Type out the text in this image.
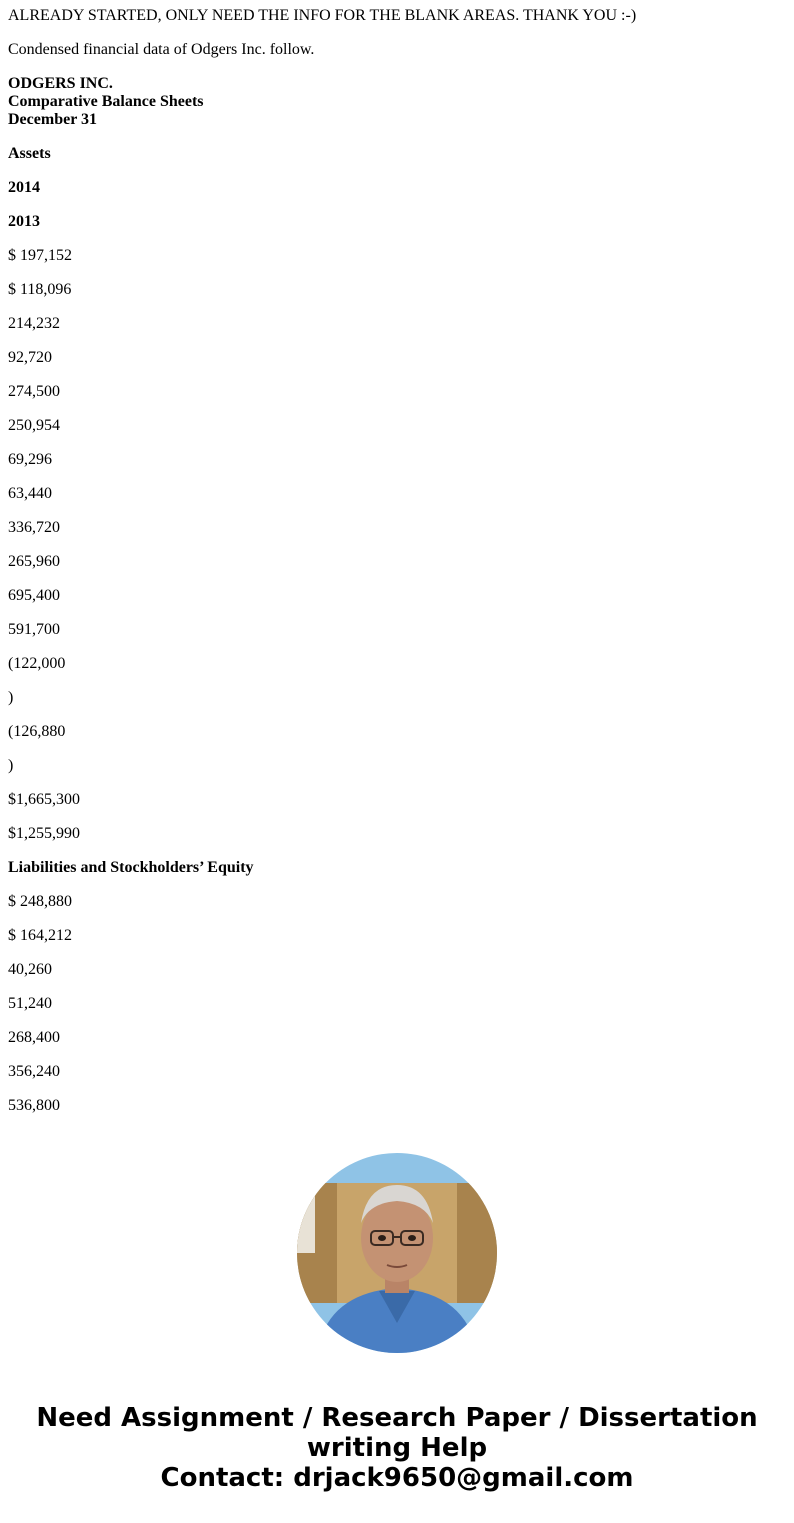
ALREADY STARTED, ONLY NEED THE INFO FOR THE BLANK AREAS. THANK YOU :-)

Condensed financial data of Odgers Inc. follow.

ODGERS INC.
Comparative Balance Sheets
December 31
Assets
2014
2013
$ 197,152
$ 118,096
214,232
92,720
274,500
250,954
69,296
63,440
336,720
265,960
695,400
591,700
(122,000
)
(126,880
)
$1,665,300
$1,255,990
Liabilities and Stockholders’ Equity
$ 248,880
$ 164,212
40,260
51,240
268,400
356,240
536,800
Need Assignment / Research Paper / Dissertation
writing Help
Contact: drjack9650@gmail.com
